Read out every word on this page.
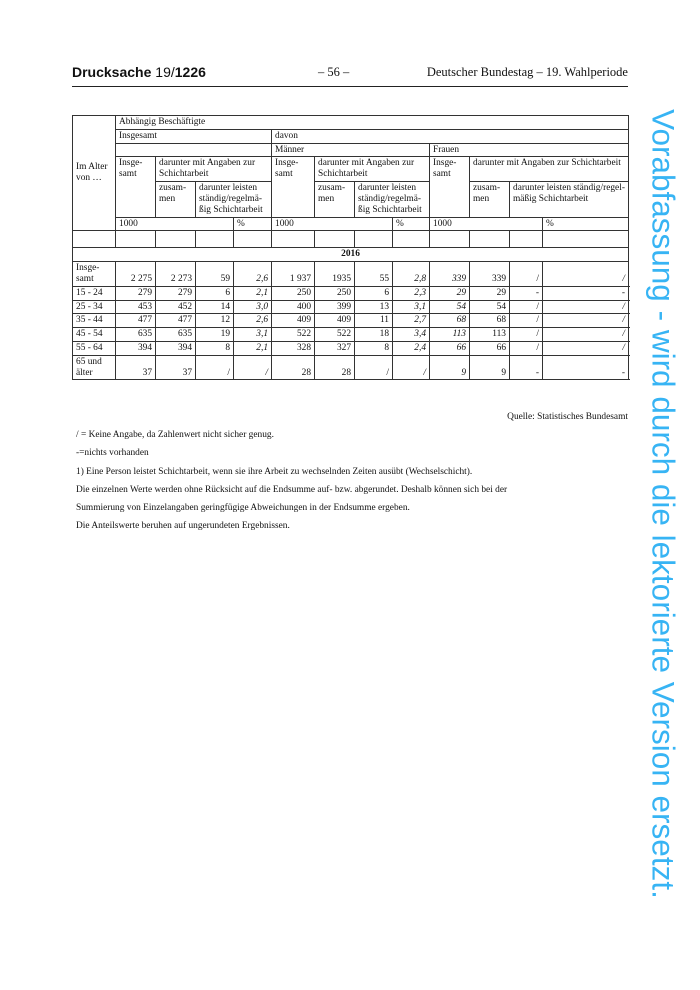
Drucksache 19/1226	– 56 –	Deutscher Bundestag – 19. Wahlperiode
Im Alter von …	Abhängig Beschäftigte											
	Insgesamt				davon							
					Männer				Frauen			
	Insge-samt	darunter mit Angaben zur Schichtarbeit			Insge-samt	darunter mit Angaben zur Schichtarbeit			Insge-samt	darunter mit Angaben zur Schichtarbeit		
		zusam-men	darunter leisten ständig/regelmä-ßig Schichtarbeit			zusam-men	darunter leisten ständig/regelmä-ßig Schichtarbeit			zusam-men	darunter leisten ständig/regel-mäßig Schichtarbeit	
	1000			%	1000			%	1000			%

2016												
Insge-samt	2 275	2 273	59	2,6	1 937	1935	55	2,8	339	339	/	/
15 - 24	279	279	6	2,1	250	250	6	2,3	29	29	-	-
25 - 34	453	452	14	3,0	400	399	13	3,1	54	54	/	/
35 - 44	477	477	12	2,6	409	409	11	2,7	68	68	/	/
45 - 54	635	635	19	3,1	522	522	18	3,4	113	113	/	/
55 - 64	394	394	8	2,1	328	327	8	2,4	66	66	/	/
65 und älter	37	37	/	/	28	28	/	/	9	9	-	-
Quelle: Statistisches Bundesamt

/ = Keine Angabe, da Zahlenwert nicht sicher genug.

-=nichts vorhanden

1) Eine Person leistet Schichtarbeit, wenn sie ihre Arbeit zu wechselnden Zeiten ausübt (Wechselschicht).

Die einzelnen Werte werden ohne Rücksicht auf die Endsumme auf- bzw. abgerundet. Deshalb können sich bei der

Summierung von Einzelangaben geringfügige Abweichungen in der Endsumme ergeben.

Die Anteilswerte beruhen auf ungerundeten Ergebnissen.	Vorabfassung - wird durch die lektorierte Version ersetzt.
